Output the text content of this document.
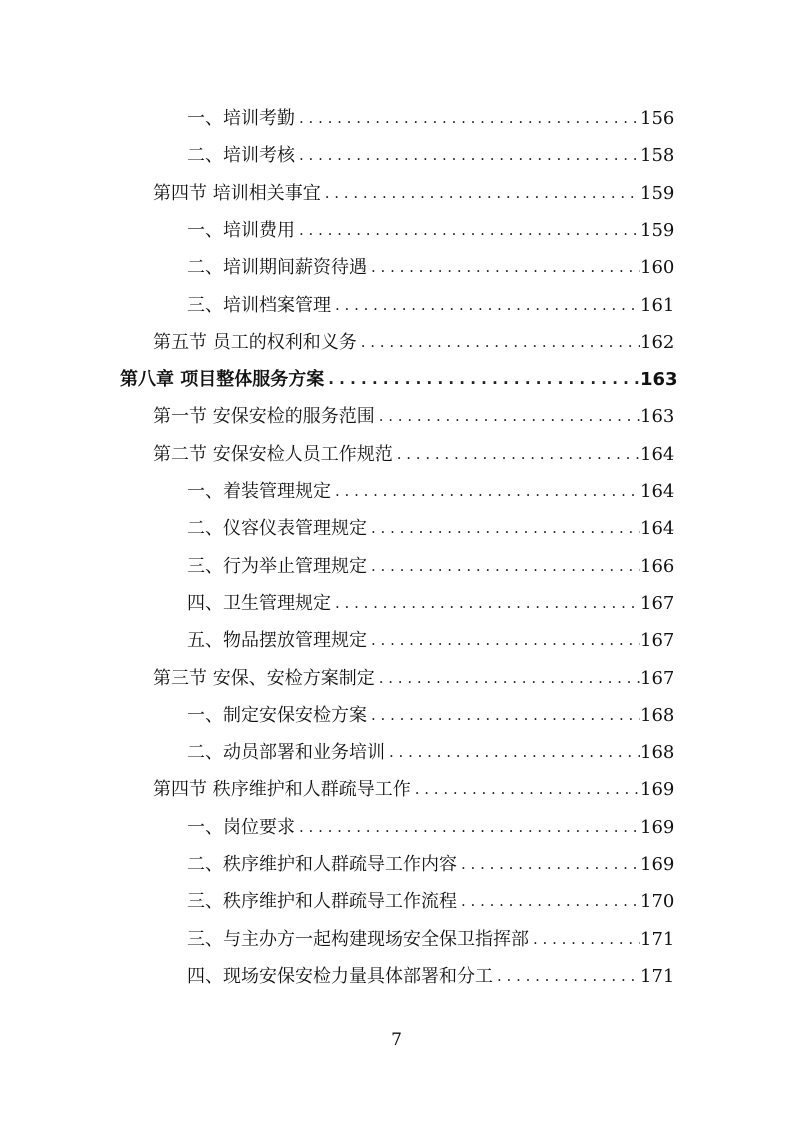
一、培训考勤 . . .	156
二、培训考核 . . .	158
第四节 培训相关事宜 . . .	159
一、培训费用 . . .	159
二、培训期间薪资待遇 . . .	160
三、培训档案管理 . . .	161
第五节 员工的权利和义务 . . .	162
第八章 项目整体服务方案 . . .	163
第一节 安保安检的服务范围 . . .	163
第二节 安保安检人员工作规范 . . .	164
一、着装管理规定 . . .	164
二、仪容仪表管理规定 . . .	164
三、行为举止管理规定 . . .	166
四、卫生管理规定 . . .	167
五、物品摆放管理规定 . . .	167
第三节 安保、安检方案制定 . . .	167
一、制定安保安检方案 . . .	168
二、动员部署和业务培训 . . .	168
第四节 秩序维护和人群疏导工作 . . .	169
一、岗位要求 . . .	169
二、秩序维护和人群疏导工作内容 . . .	169
三、秩序维护和人群疏导工作流程 . . .	170
三、与主办方一起构建现场安全保卫指挥部 . . .	171
四、现场安保安检力量具体部署和分工 . . .	171
7
